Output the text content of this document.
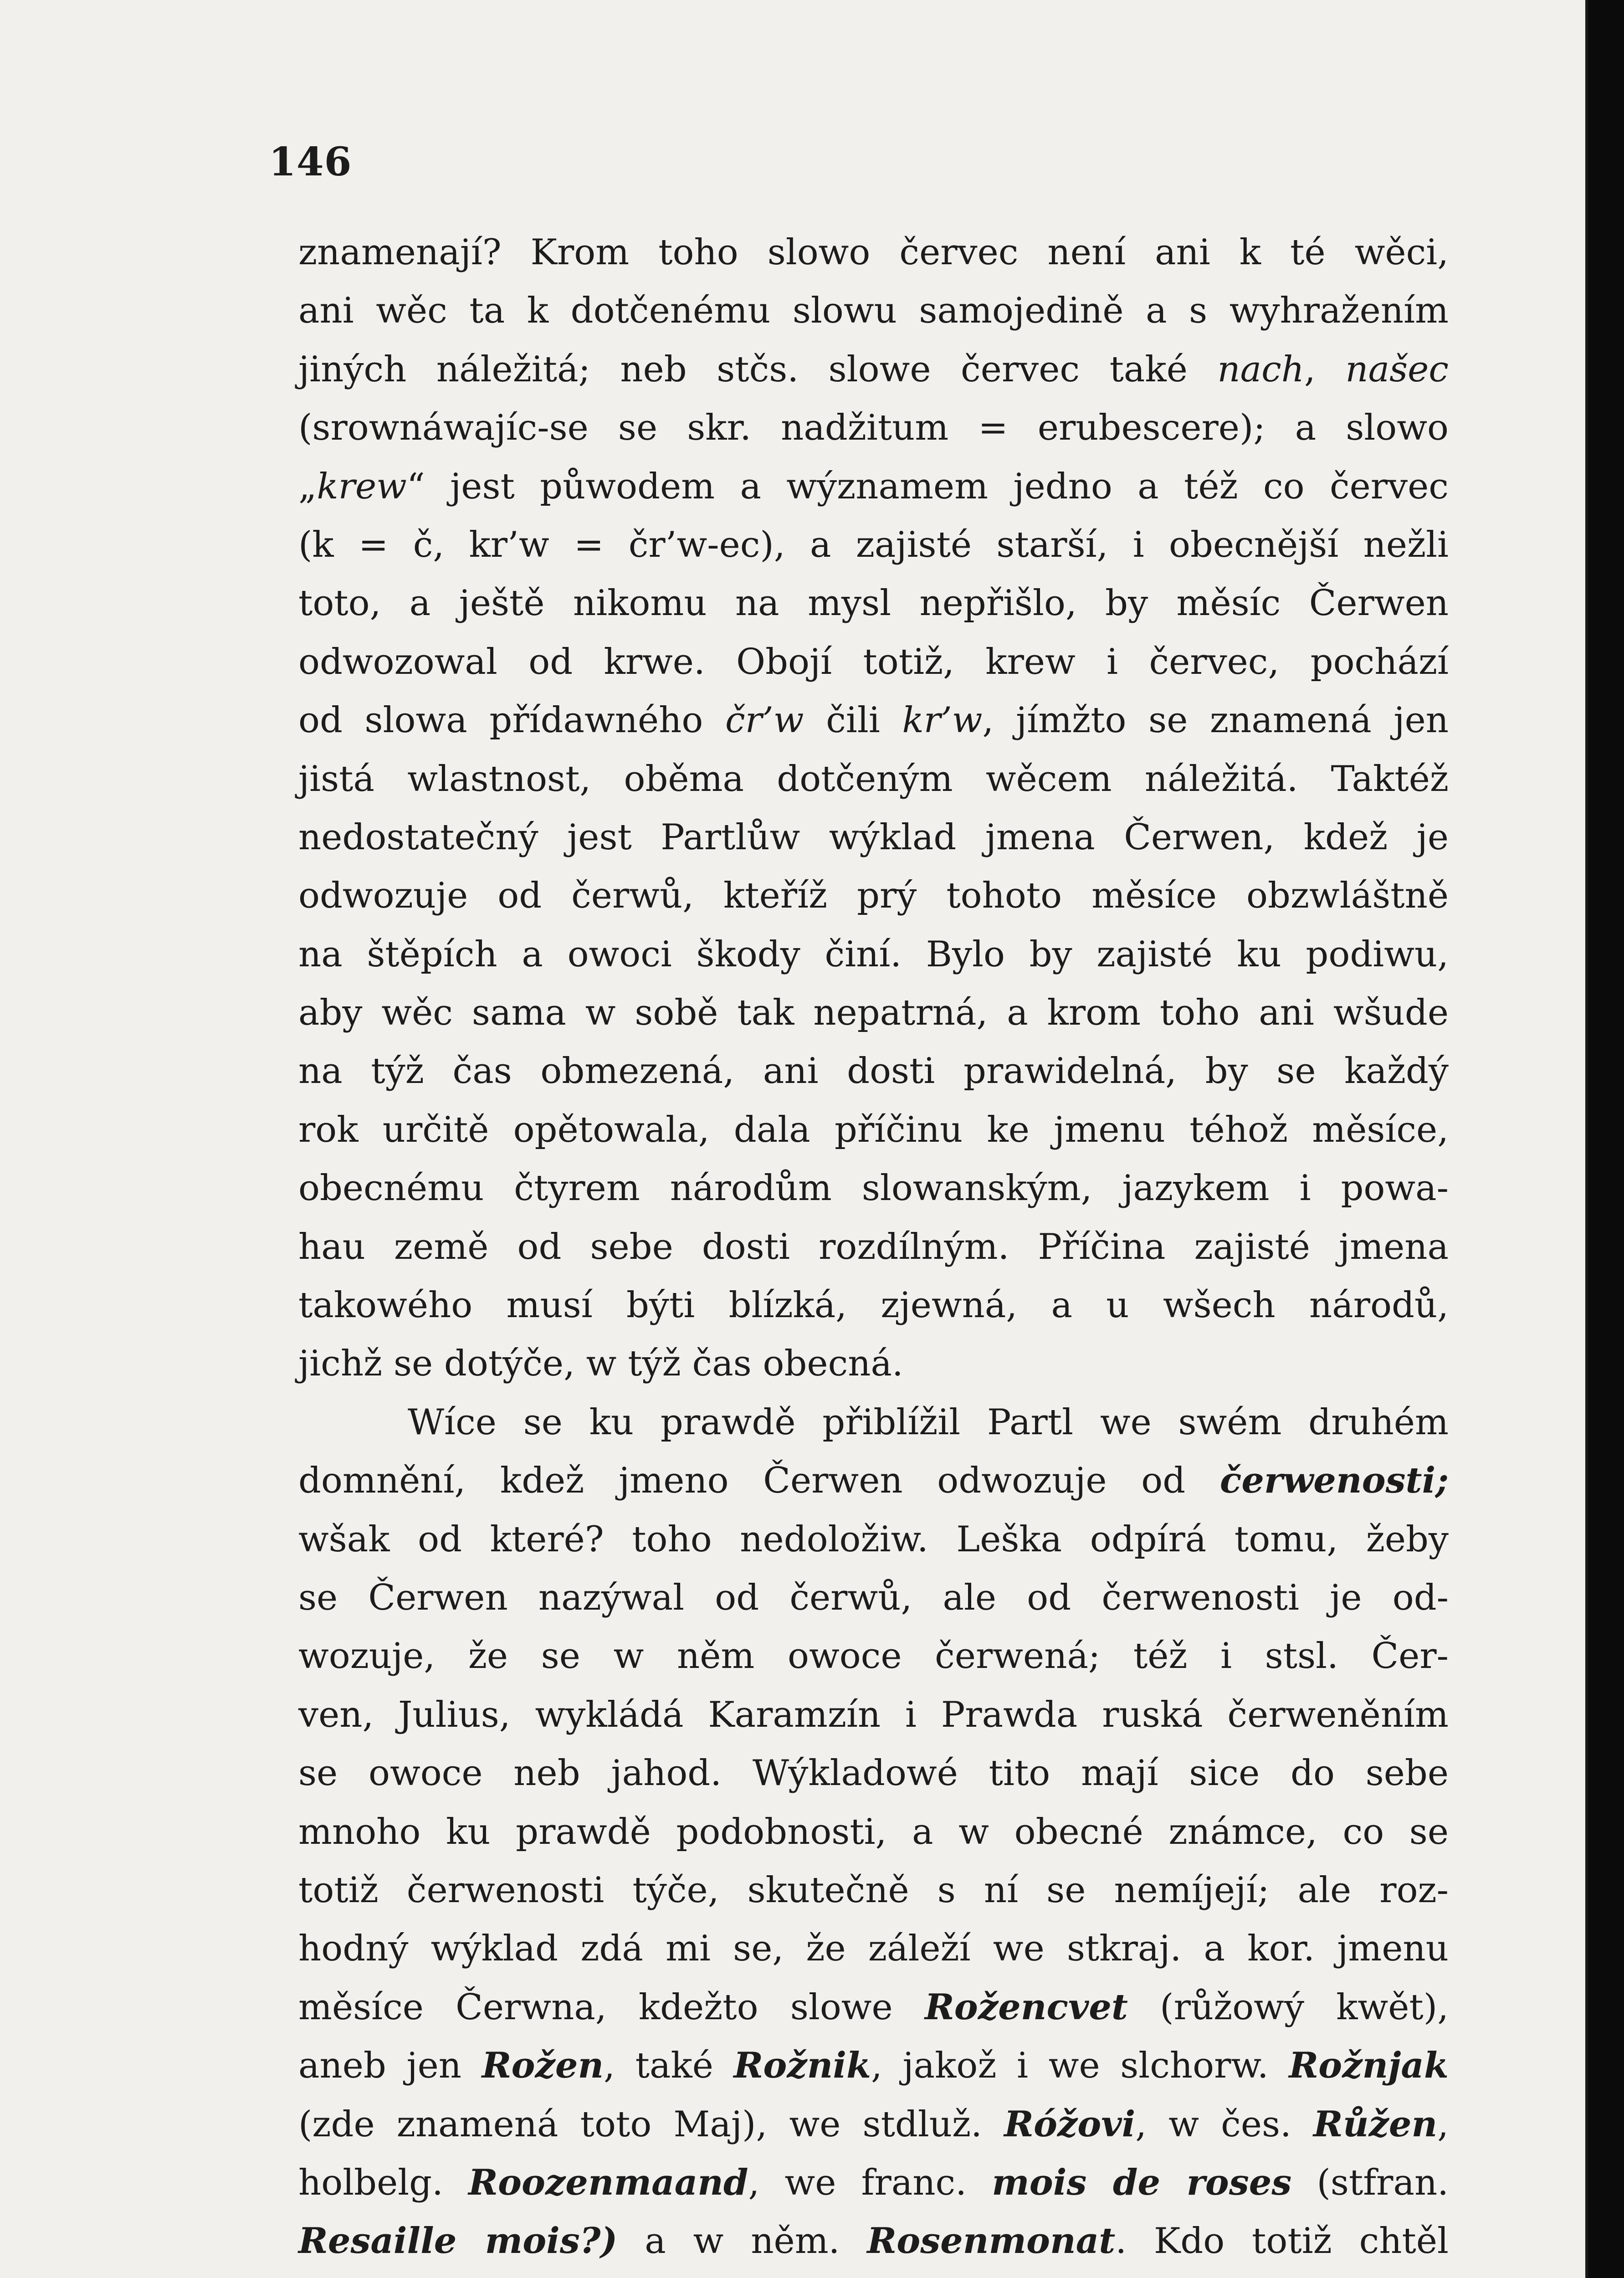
146
znamenají? Krom toho slowo červec není ani k té wěci,
ani wěc ta k dotčenému slowu samojedině a s wyhražením
jiných náležitá; neb stčs. slowe červec také nach, našec
(srownáwajíc-se se skr. nadžitum = erubescere); a slowo
„krew“ jest půwodem a wýznamem jedno a též co červec
(k = č, kr’w = čr’w-ec), a zajisté starší, i obecnější nežli
toto, a ještě nikomu na mysl nepřišlo, by měsíc Čerwen
odwozowal od krwe. Obojí totiž, krew i červec, pochází
od slowa přídawného čr’w čili kr’w, jímžto se znamená jen
jistá wlastnost, oběma dotčeným wěcem náležitá. Taktéž
nedostatečný jest Partlůw wýklad jmena Čerwen, kdež je
odwozuje od čerwů, kteříž prý tohoto měsíce obzwláštně
na štěpích a owoci škody činí. Bylo by zajisté ku podiwu,
aby wěc sama w sobě tak nepatrná, a krom toho ani wšude
na týž čas obmezená, ani dosti prawidelná, by se každý
rok určitě opětowala, dala příčinu ke jmenu téhož měsíce,
obecnému čtyrem národům slowanským, jazykem i powa-
hau země od sebe dosti rozdílným. Příčina zajisté jmena
takowého musí býti blízká, zjewná, a u wšech národů,
jichž se dotýče, w týž čas obecná.
Wíce se ku prawdě přiblížil Partl we swém druhém
domnění, kdež jmeno Čerwen odwozuje od čerwenosti;
wšak od které? toho nedoložiw. Leška odpírá tomu, žeby
se Čerwen nazýwal od čerwů, ale od čerwenosti je od-
wozuje, že se w něm owoce čerwená; též i stsl. Čer-
ven, Julius, wykládá Karamzín i Prawda ruská čerweněním
se owoce neb jahod. Wýkladowé tito mají sice do sebe
mnoho ku prawdě podobnosti, a w obecné známce, co se
totiž čerwenosti týče, skutečně s ní se nemíjejí; ale roz-
hodný wýklad zdá mi se, že záleží we stkraj. a kor. jmenu
měsíce Čerwna, kdežto slowe Rožencvet (růžowý kwět),
aneb jen Rožen, také Rožnik, jakož i we slchorw. Rožnjak
(zde znamená toto Maj), we stdluž. Róžovi, w čes. Růžen,
holbelg. Roozenmaand, we franc. mois de roses (stfran.
Resaille mois?) a w něm. Rosenmonat. Kdo totiž chtěl
